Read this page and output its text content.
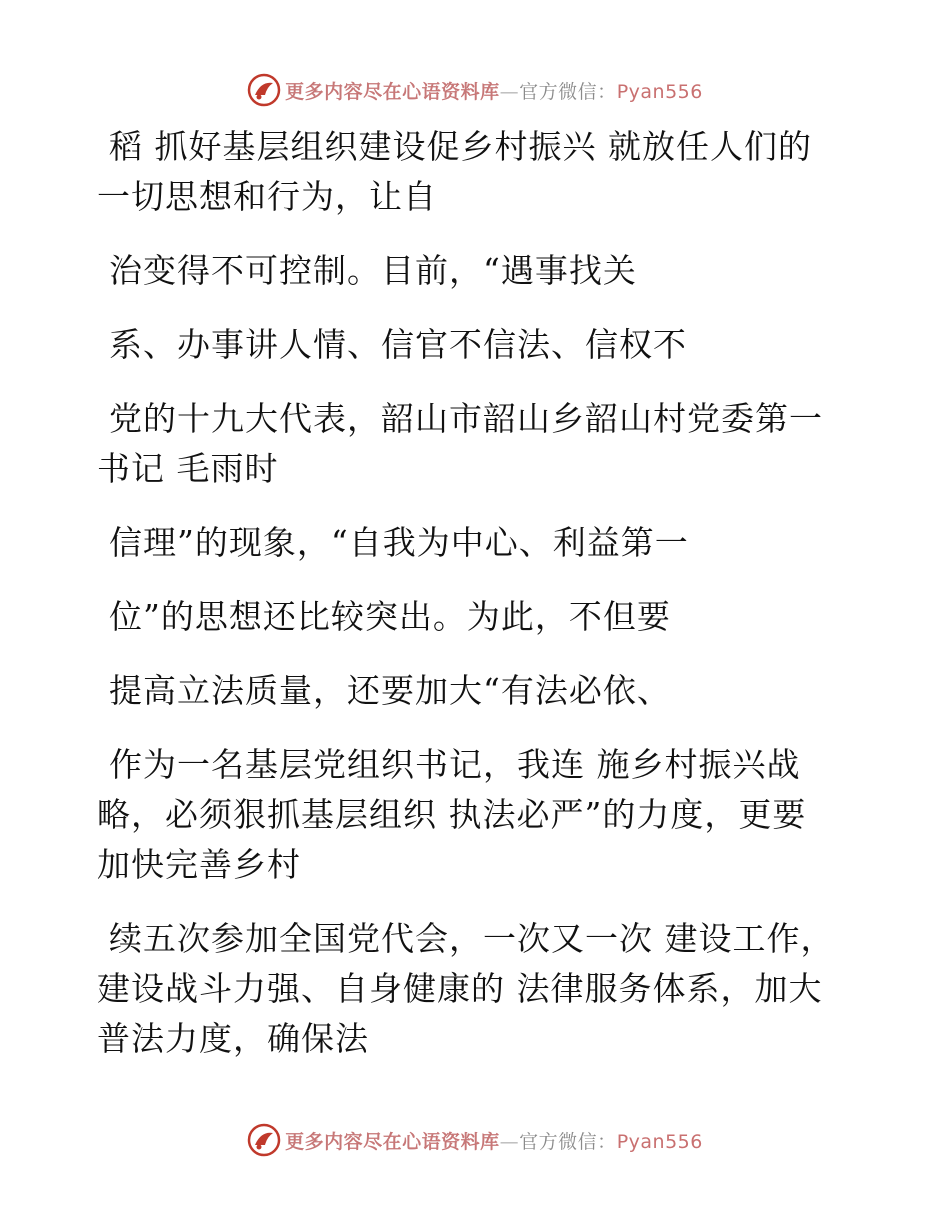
更多内容尽在心语资料库—官方微信：Pyan556

稻 抓好基层组织建设促乡村振兴 就放任人们的
一切思想和行为，让自

治变得不可控制。目前，“遇事找关

系、办事讲人情、信官不信法、信权不

党的十九大代表，韶山市韶山乡韶山村党委第一
书记 毛雨时

信理”的现象，“自我为中心、利益第一

位”的思想还比较突出。为此，不但要

提高立法质量，还要加大“有法必依、

作为一名基层党组织书记，我连 施乡村振兴战
略，必须狠抓基层组织 执法必严”的力度，更要
加快完善乡村

续五次参加全国党代会，一次又一次 建设工作，
建设战斗力强、自身健康的 法律服务体系，加大
普法力度，确保法

更多内容尽在心语资料库—官方微信：Pyan556
